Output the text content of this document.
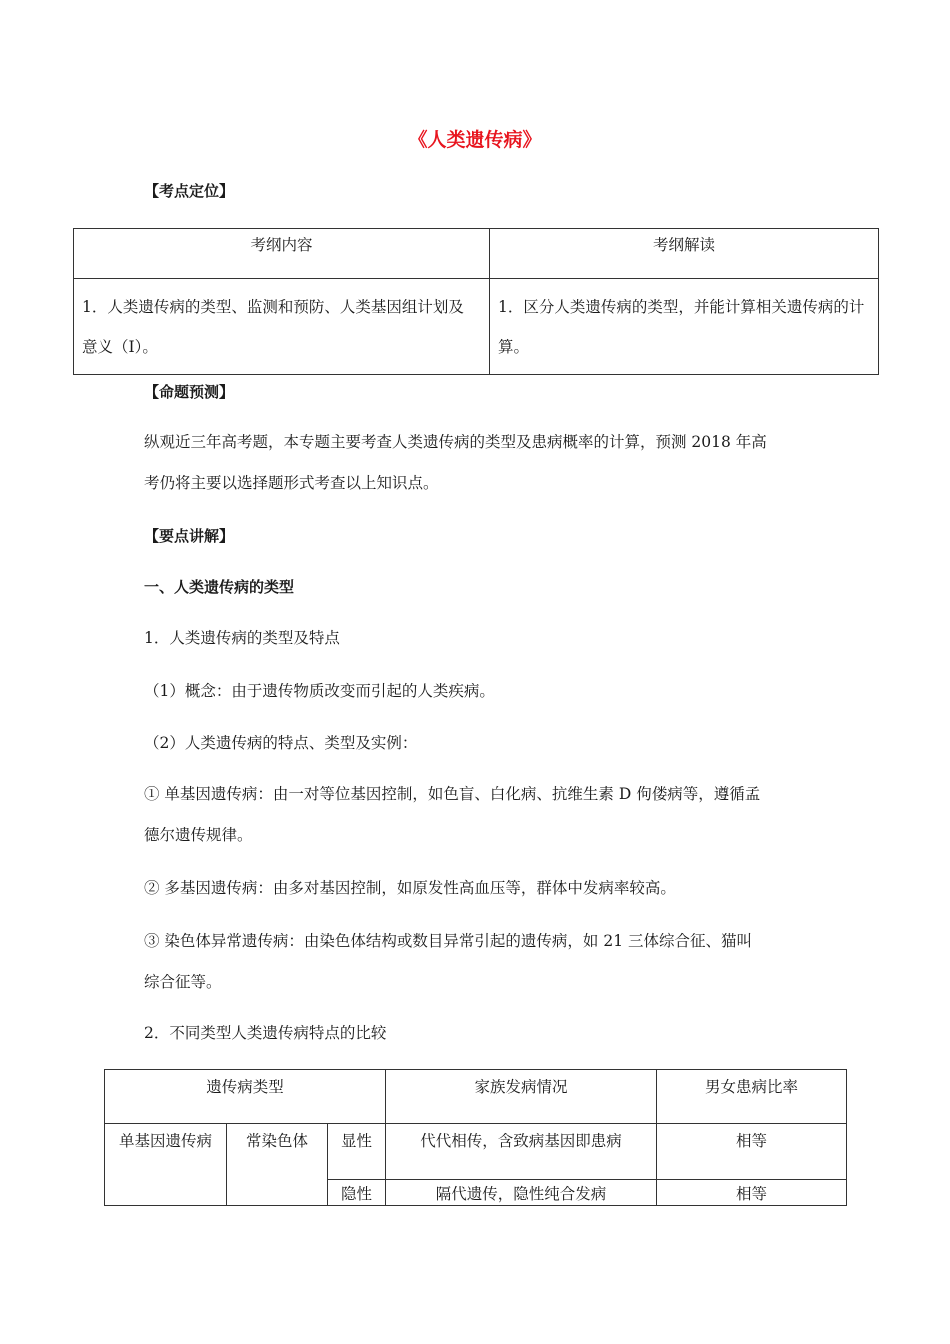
《人类遗传病》
【考点定位】
考纲内容	考纲解读
1．人类遗传病的类型、监测和预防、人类基因组计划及意义（Ⅰ）。	1．区分人类遗传病的类型，并能计算相关遗传病的计算。
【命题预测】
纵观近三年高考题，本专题主要考查人类遗传病的类型及患病概率的计算，预测 2018 年高
考仍将主要以选择题形式考查以上知识点。
【要点讲解】
一、人类遗传病的类型
1．人类遗传病的类型及特点
（1）概念：由于遗传物质改变而引起的人类疾病。
（2）人类遗传病的特点、类型及实例：
① 单基因遗传病：由一对等位基因控制，如色盲、白化病、抗维生素 D 佝偻病等，遵循孟
德尔遗传规律。
② 多基因遗传病：由多对基因控制，如原发性高血压等，群体中发病率较高。
③ 染色体异常遗传病：由染色体结构或数目异常引起的遗传病，如 21 三体综合征、猫叫
综合征等。
2．不同类型人类遗传病特点的比较
遗传病类型			家族发病情况	男女患病比率
单基因遗传病	常染色体	显性	代代相传，含致病基因即患病	相等
		隐性	隔代遗传，隐性纯合发病	相等
